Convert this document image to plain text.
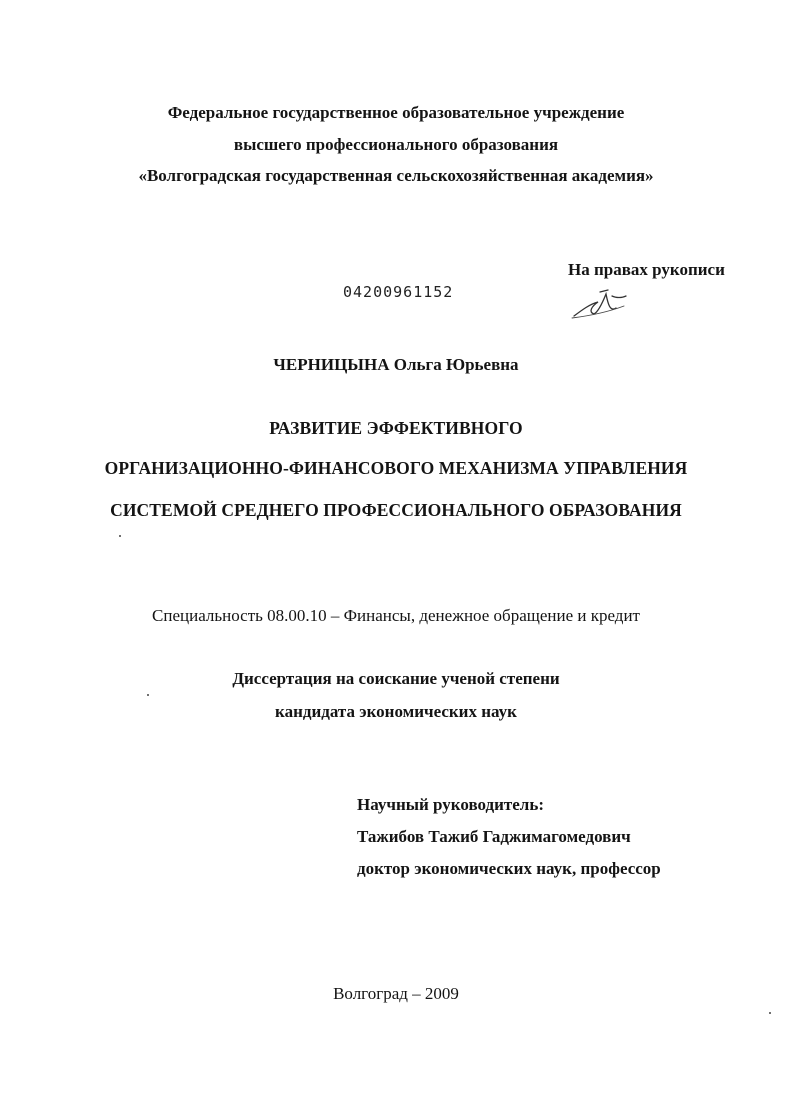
Федеральное государственное образовательное учреждение
высшего профессионального образования
«Волгоградская государственная сельскохозяйственная академия»
На правах рукописи
04200961152
ЧЕРНИЦЫНА Ольга Юрьевна
РАЗВИТИЕ ЭФФЕКТИВНОГО
ОРГАНИЗАЦИОННО-ФИНАНСОВОГО МЕХАНИЗМА УПРАВЛЕНИЯ
СИСТЕМОЙ СРЕДНЕГО ПРОФЕССИОНАЛЬНОГО ОБРАЗОВАНИЯ
Специальность 08.00.10 – Финансы, денежное обращение и кредит
Диссертация на соискание ученой степени
кандидата экономических наук
Научный руководитель:
Тажибов Тажиб Гаджимагомедович
доктор экономических наук, профессор
Волгоград – 2009
